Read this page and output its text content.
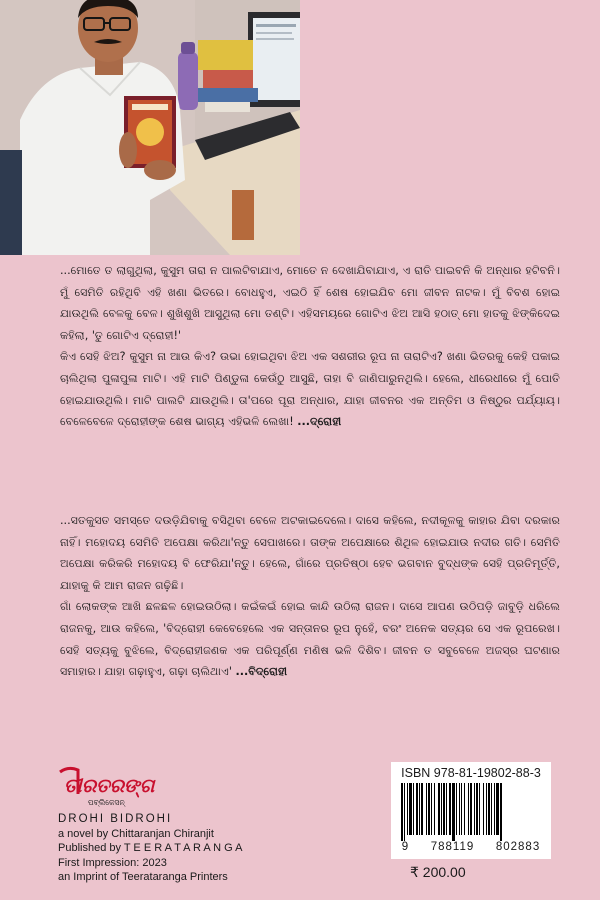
...ମୋତେ ତ ଲାଗୁଥିଲା, କୁସୁମ ତାରା ନ ପାଲଟିବାଯାଏ, ମୋତେ ନ ଦେଖାଯିବାଯାଏ, ଏ ରାତି ପାଇବନି କି ଅନ୍ଧାର ହଟିବନି। ମୁଁ ସେମିତି ରହିଥିବି ଏହି ଖଣା ଭିତରେ। ବୋଧହୁଏ, ଏଇଠି ହିଁ ଶେଷ ହୋଇଯିବ ମୋ ଜୀବନ ନାଟକ। ମୁଁ ବିବଶ ହୋଇ ଯାଉଥିଲି ବେଳକୁ ବେଳ। ଶୁଖିଶୁଖି ଆସୁଥିଲା ମୋ ତଣ୍ଟି। ଏହିସମୟରେ ଗୋଟିଏ ଝିଅ ଆସି ହଠାତ୍ ମୋ ହାତକୁ ଝିଙ୍କିଦେଇ କହିଲା, 'ତୁ ଗୋଟିଏ ଦ୍ରୋହୀ!'

କିଏ ସେହି ଝିଅ? କୁସୁମ ନା ଆଉ କିଏ? ଉଭା ହୋଇଥିବା ଝିଅ ଏକ ସଶରୀର ରୂପ ନା ତାରାଟିଏ? ଖଣା ଭିତରକୁ କେହି ପକାଇ ଚାଲିଥିଲା ପୁଳାପୁଳା ମାଟି। ଏହି ମାଟି ପିଣ୍ଡୁଳା କେଉଁଠୁ ଆସୁଛି, ତାହା ବି ଜାଣିପାରୁନଥିଲି। ହେଲେ, ଧୀରେଧୀରେ ମୁଁ ପୋତି ହୋଇଯାଉଥିଲି। ମାଟି ପାଲଟି ଯାଉଥିଲି। ତା'ପରେ ପୂରା ଅନ୍ଧାର, ଯାହା ଜୀବନର ଏକ ଅନ୍ତିମ ଓ ନିଷ୍ଠୁର ପର୍ଯ୍ୟାୟ। ବେଳେବେଳେ ଦ୍ରୋହୀଙ୍କ ଶେଷ ଭାଗ୍ୟ ଏହିଭଳି ଲେଖା! ...ଦ୍ରୋହୀ

...ସତକୁସତ ସମସ୍ତେ ଦଉଡ଼ିଯିବାକୁ ବସିଥିବା ବେଳେ ଅଟକାଇଦେଲେ। ଦାସେ କହିଲେ, ନଦୀକୂଳକୁ କାହାର ଯିବା ଦରକାର ନାହିଁ। ମହୋଦୟ ସେମିତି ଅପେକ୍ଷା କରିଥା'ନ୍ତୁ ସେପାଖରେ। ତାଙ୍କ ଅପେକ୍ଷାରେ ଶିଥିଳ ହୋଇଯାଉ ନଦୀର ଗତି। ସେମିତି ଅପେକ୍ଷା କରିକରି ମହୋଦୟ ବି ଫେରିଯା'ନ୍ତୁ। ହେଲେ, ଗାଁରେ ପ୍ରତିଷ୍ଠା ହେବ ଭଗବାନ ବୁଦ୍ଧଙ୍କ ସେହି ପ୍ରତିମୂର୍ତ୍ତି, ଯାହାକୁ କି ଆମ ରାଜନ ଗଢ଼ିଛି।

ଗାଁ ଲୋକଙ୍କ ଆଖି ଛଳଛଳ ହୋଇଉଠିଲା। କଇଁକଇଁ ହୋଇ କାନ୍ଦି ଉଠିଲା ରାଜନ। ଦାସେ ଆପଣ ଉଠିପଡ଼ି ଜାବୁଡ଼ି ଧରିଲେ ରାଜନକୁ, ଆଉ କହିଲେ, 'ବିଦ୍ରୋହୀ କେବେହେଲେ ଏକ ସନ୍ତାନର ରୂପ ନୁହେଁ, ବରଂ ଅନେକ ସତ୍ୟର ସେ ଏକ ରୂପରେଖ। ସେହି ସତ୍ୟକୁ ବୁଝିଲେ, ବିଦ୍ରୋହୀଜଣକ ଏକ ପରିପୂର୍ଣ୍ଣ ମଣିଷ ଭଳି ଦିଶିବ। ଜୀବନ ତ ସବୁବେଳେ ଅଜସ୍ର ଘଟଣାର ସମାହାର। ଯାହା ଗଢ଼ାହୁଏ, ଗଢ଼ା ଚାଲିଥାଏ' ...ବିଦ୍ରୋହୀ

ତୀରତରଙ୍ଗ
ପବ୍ଲିକେସନ୍
DROHI BIDROHI
a novel by Chittaranjan Chiranjit
Published by T E E R A T A R A N G A
First Impression: 2023
an Imprint of Teerataranga Printers
ISBN 978-81-19802-88-3
9 788119 802883
₹ 200.00
